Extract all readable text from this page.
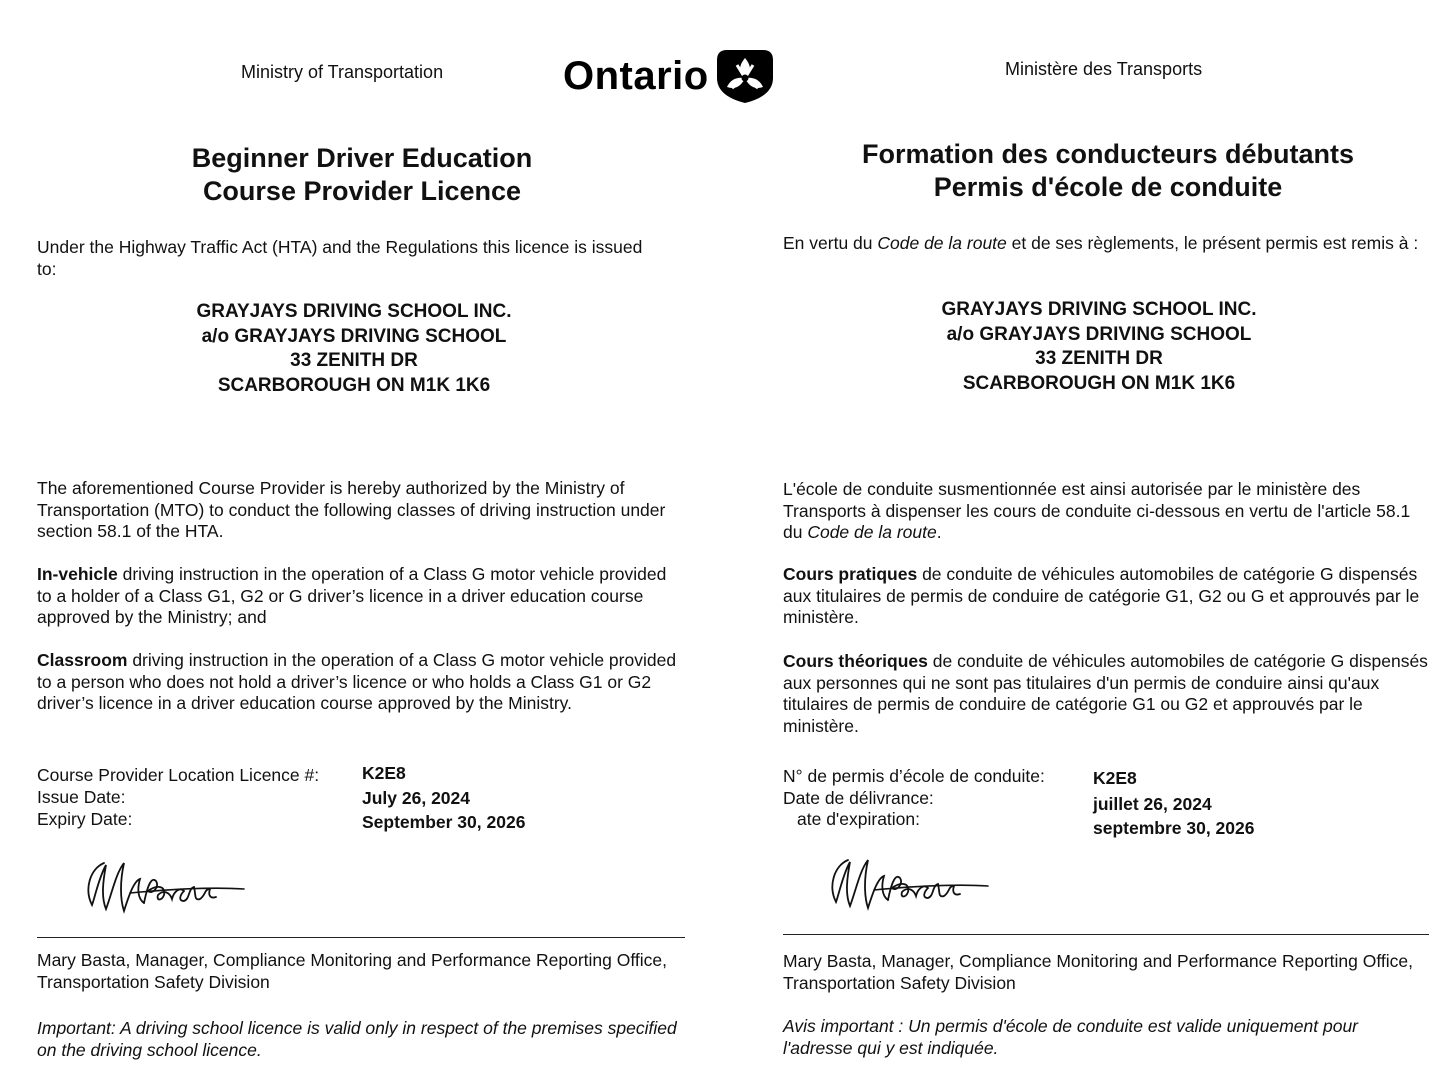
Ministry of Transportation	Ontario	Ministère des Transports
Beginner Driver Education
Course Provider Licence
Under the Highway Traffic Act (HTA) and the Regulations this licence is issued to:
GRAYJAYS DRIVING SCHOOL INC.
a/o GRAYJAYS DRIVING SCHOOL
33 ZENITH DR
SCARBOROUGH ON M1K 1K6
The aforementioned Course Provider is hereby authorized by the Ministry of Transportation (MTO) to conduct the following classes of driving instruction under section 58.1 of the HTA.
In-vehicle driving instruction in the operation of a Class G motor vehicle provided to a holder of a Class G1, G2 or G driver’s licence in a driver education course approved by the Ministry; and
Classroom driving instruction in the operation of a Class G motor vehicle provided to a person who does not hold a driver’s licence or who holds a Class G1 or G2 driver’s licence in a driver education course approved by the Ministry.
Course Provider Location Licence #:
Issue Date:
Expiry Date:
K2E8
July 26, 2024
September 30, 2026
Mary Basta, Manager, Compliance Monitoring and Performance Reporting Office, Transportation Safety Division
Important: A driving school licence is valid only in respect of the premises specified on the driving school licence.
Formation des conducteurs débutants
Permis d'école de conduite
En vertu du Code de la route et de ses règlements, le présent permis est remis à :
GRAYJAYS DRIVING SCHOOL INC.
a/o GRAYJAYS DRIVING SCHOOL
33 ZENITH DR
SCARBOROUGH ON M1K 1K6
L'école de conduite susmentionnée est ainsi autorisée par le ministère des Transports à dispenser les cours de conduite ci-dessous en vertu de l'article 58.1 du Code de la route.
Cours pratiques de conduite de véhicules automobiles de catégorie G dispensés aux titulaires de permis de conduire de catégorie G1, G2 ou G et approuvés par le ministère.
Cours théoriques de conduite de véhicules automobiles de catégorie G dispensés aux personnes qui ne sont pas titulaires d'un permis de conduire ainsi qu'aux titulaires de permis de conduire de catégorie G1 ou G2 et approuvés par le ministère.
N° de permis d’école de conduite:
Date de délivrance:
ate d'expiration:
K2E8
juillet 26, 2024
septembre 30, 2026
Mary Basta, Manager, Compliance Monitoring and Performance Reporting Office, Transportation Safety Division
Avis important : Un permis d'école de conduite est valide uniquement pour l'adresse qui y est indiquée.
